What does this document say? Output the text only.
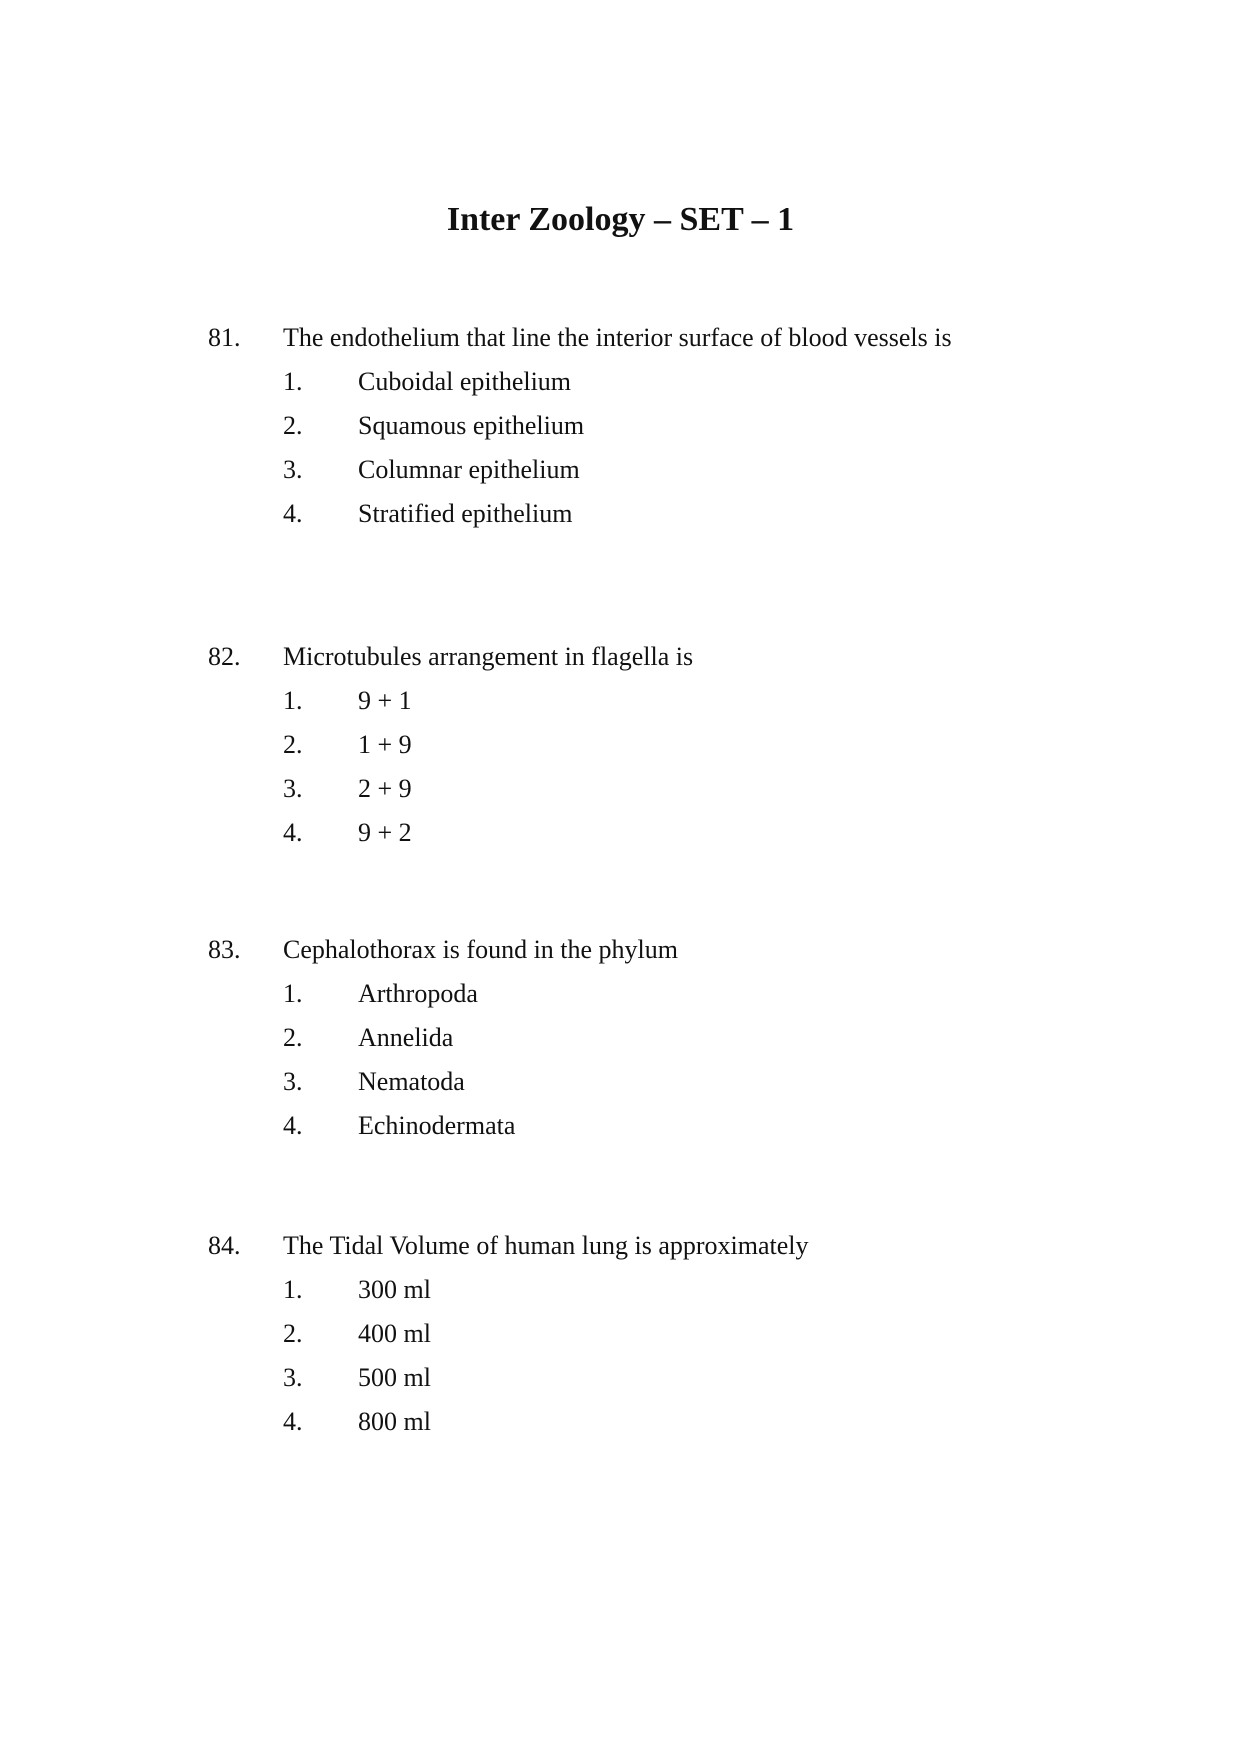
Inter Zoology – SET – 1
81. The endothelium that line the interior surface of blood vessels is
1. Cuboidal epithelium
2. Squamous epithelium
3. Columnar epithelium
4. Stratified epithelium
82. Microtubules arrangement in flagella is
1. 9 + 1
2. 1 + 9
3. 2 + 9
4. 9 + 2
83. Cephalothorax is found in the phylum
1. Arthropoda
2. Annelida
3. Nematoda
4. Echinodermata
84. The Tidal Volume of human lung is approximately
1. 300 ml
2. 400 ml
3. 500 ml
4. 800 ml
